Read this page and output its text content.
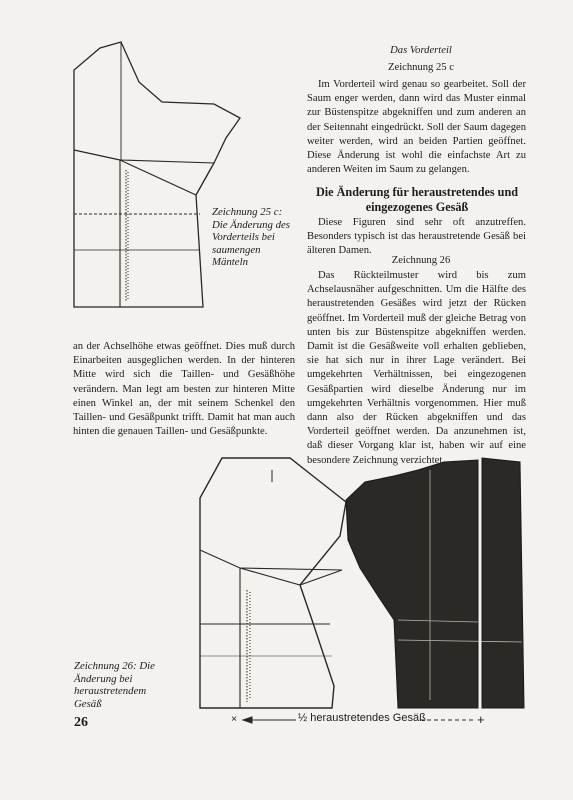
×	½ heraustretendes Gesäß	+
Das Vorderteil
Zeichnung 25 c
Im Vorderteil wird genau so gearbeitet. Soll der Saum enger werden, dann wird das Muster einmal zur Büstenspitze abgekniffen und zum anderen an der Seitennaht eingedrückt. Soll der Saum dagegen weiter werden, wird an beiden Partien geöffnet. Diese Änderung ist wohl die einfachste Art zu anderen Weiten im Saum zu gelangen.
Die Änderung für heraustretendes und eingezogenes Gesäß
Diese Figuren sind sehr oft anzutreffen. Besonders typisch ist das heraustretende Gesäß bei älteren Damen.
Zeichnung 26
Das Rückteilmuster wird bis zum Achselausnäher aufgeschnitten. Um die Hälfte des heraustretenden Gesäßes wird jetzt der Rücken geöffnet. Im Vorderteil muß der gleiche Betrag von unten bis zur Büstenspitze abgekniffen werden. Damit ist die Gesäßweite voll erhalten geblieben, sie hat sich nur in ihrer Lage verändert. Bei umgekehrten Verhältnissen, bei eingezogenen Gesäßpartien wird dieselbe Änderung nur im umgekehrten Verhältnis vorgenommen. Hier muß dann also der Rücken abgekniffen und das Vorderteil geöffnet werden. Da anzunehmen ist, daß dieser Vorgang klar ist, haben wir auf eine besondere Zeichnung verzichtet.
Zeichnung 25 c: Die Änderung des Vorderteils bei saumengen Mänteln
an der Achselhöhe etwas geöffnet. Dies muß durch Einarbeiten ausgeglichen werden. In der hinteren Mitte wird sich die Taillen- und Gesäßhöhe verändern. Man legt am besten zur hinteren Mitte einen Winkel an, der mit seinem Schenkel den Taillen- und Gesäßpunkt trifft. Damit hat man auch hinten die genauen Taillen- und Gesäßpunkte.
Zeichnung 26: Die Änderung bei heraustretendem Gesäß
26
